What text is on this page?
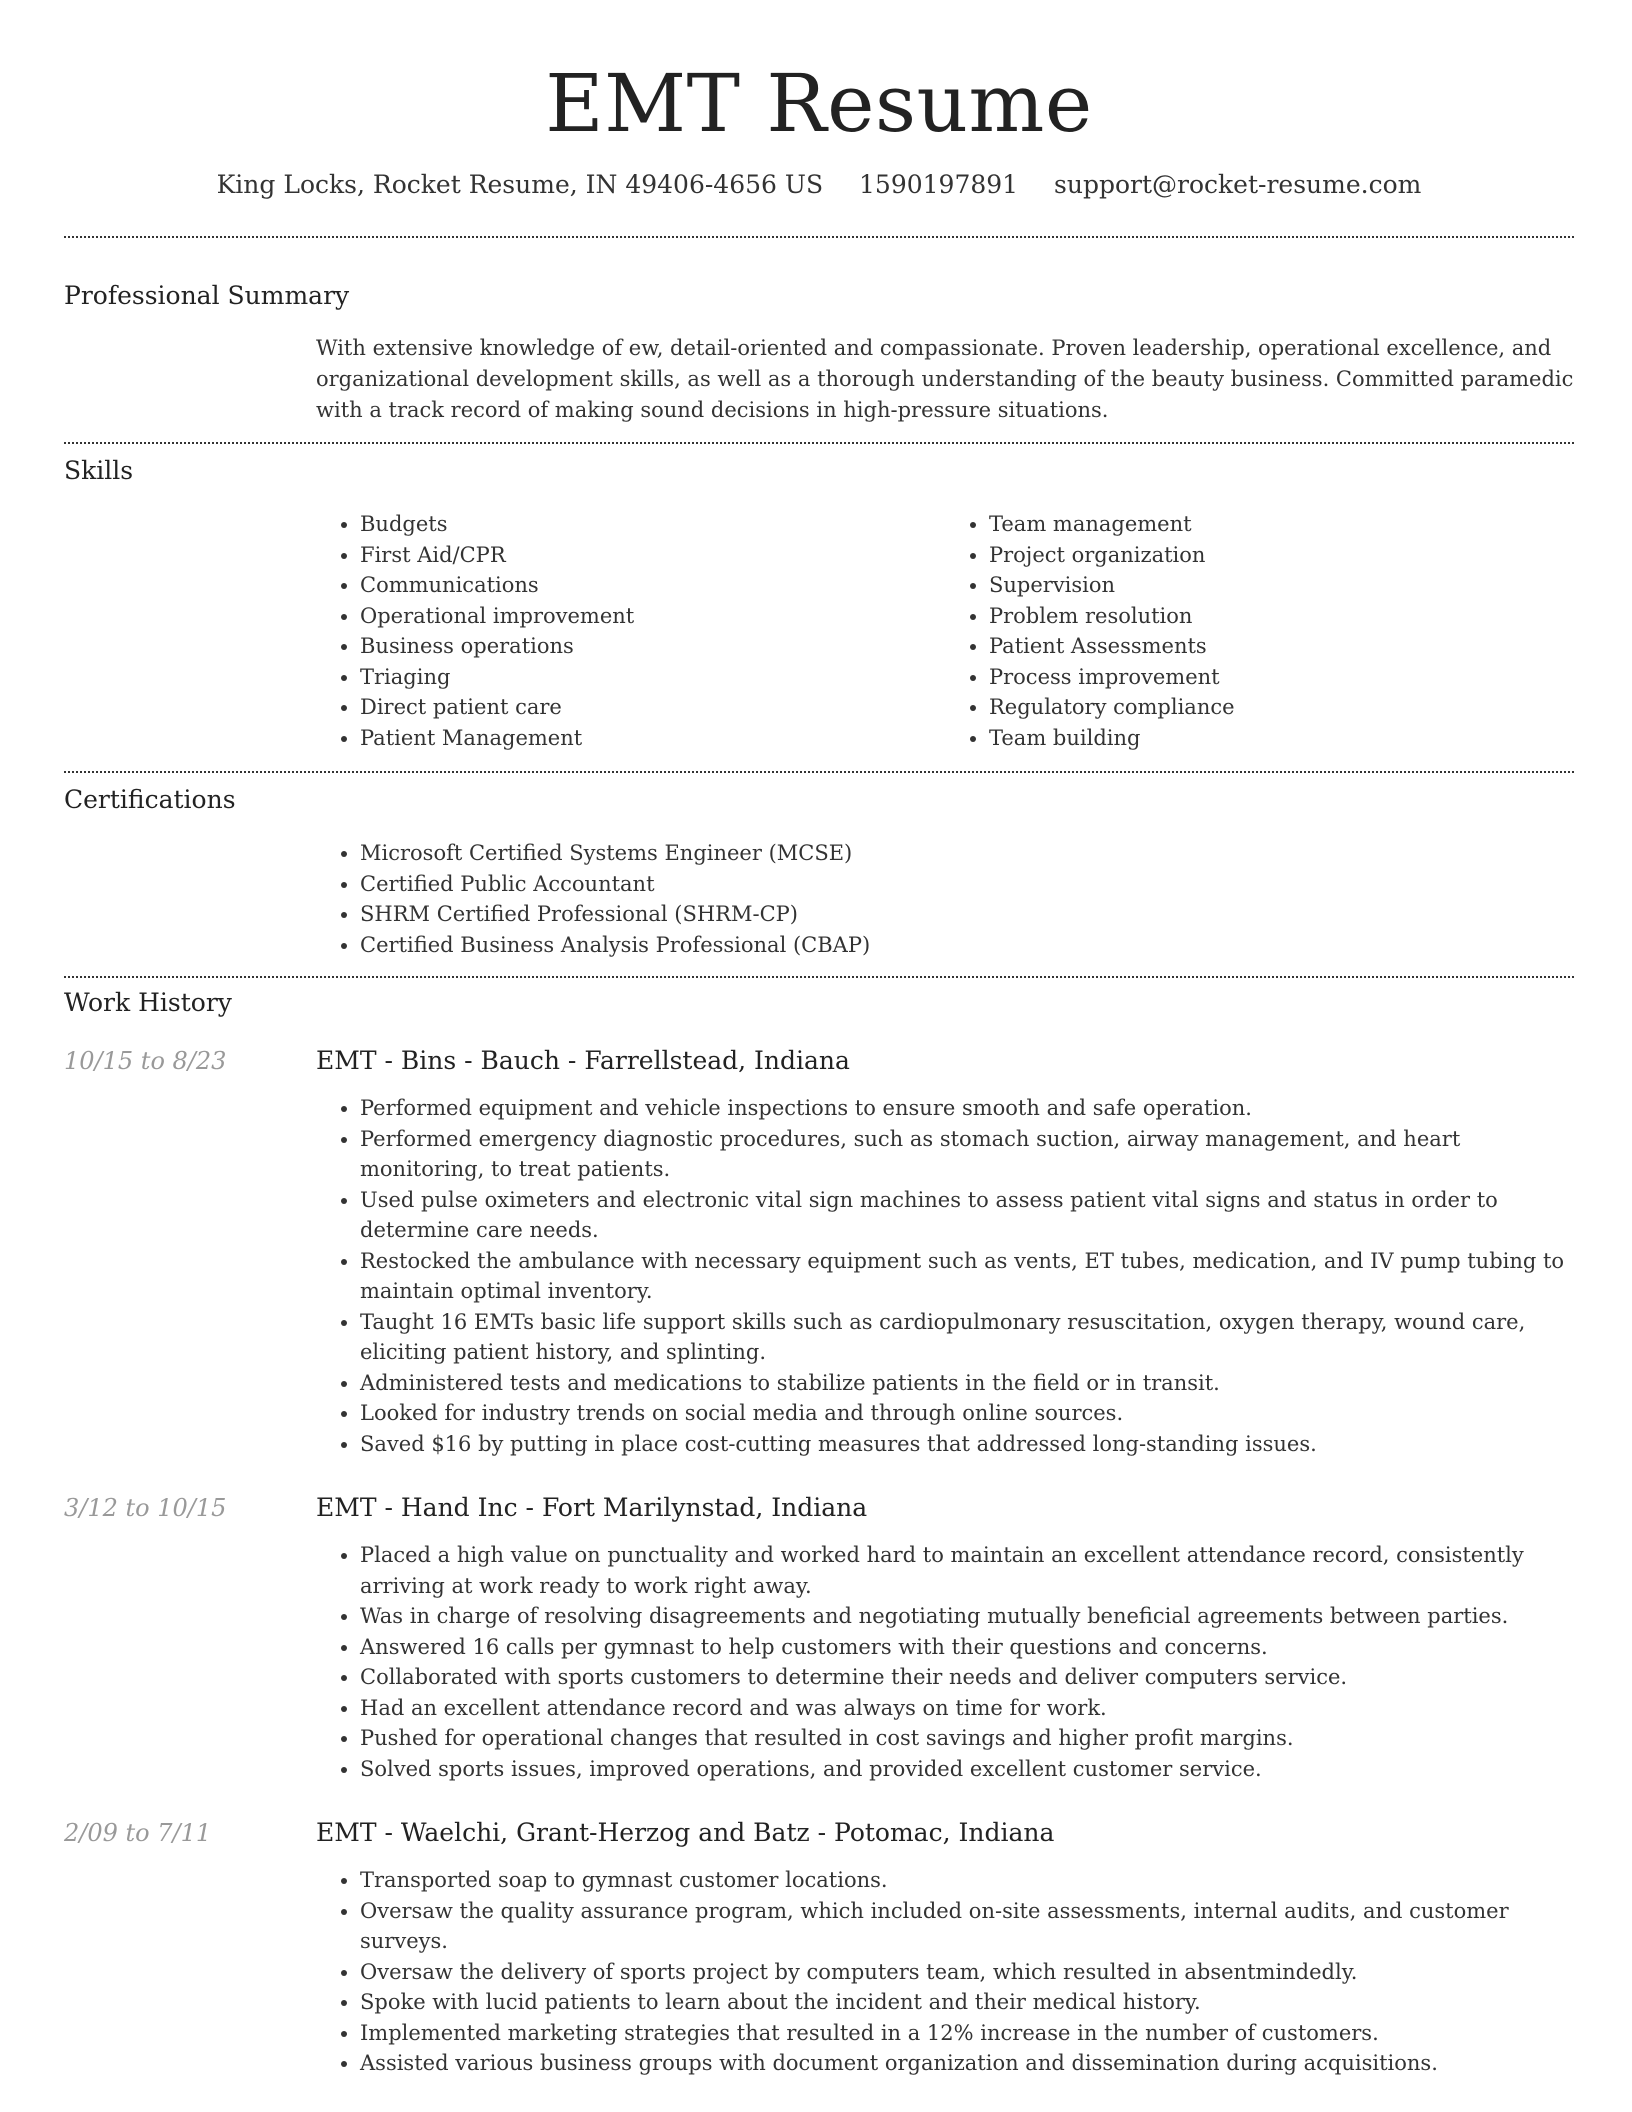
EMT Resume
King Locks, Rocket Resume, IN 49406-4656 US 1590197891 support@rocket-resume.com
Professional Summary

With extensive knowledge of ew, detail-oriented and compassionate. Proven leadership, operational excellence, and organizational development skills, as well as a thorough understanding of the beauty business. Committed paramedic with a track record of making sound decisions in high-pressure situations.

Skills
• Budgets
• First Aid/CPR
• Communications
• Operational improvement
• Business operations
• Triaging
• Direct patient care
• Patient Management
• Team management
• Project organization
• Supervision
• Problem resolution
• Patient Assessments
• Process improvement
• Regulatory compliance
• Team building
Certifications
• Microsoft Certified Systems Engineer (MCSE)
• Certified Public Accountant
• SHRM Certified Professional (SHRM-CP)
• Certified Business Analysis Professional (CBAP)
Work History
10/15 to 8/23	EMT - Bins - Bauch - Farrellstead, Indiana
• Performed equipment and vehicle inspections to ensure smooth and safe operation.
• Performed emergency diagnostic procedures, such as stomach suction, airway management, and heart monitoring, to treat patients.
• Used pulse oximeters and electronic vital sign machines to assess patient vital signs and status in order to determine care needs.
• Restocked the ambulance with necessary equipment such as vents, ET tubes, medication, and IV pump tubing to maintain optimal inventory.
• Taught 16 EMTs basic life support skills such as cardiopulmonary resuscitation, oxygen therapy, wound care, eliciting patient history, and splinting.
• Administered tests and medications to stabilize patients in the field or in transit.
• Looked for industry trends on social media and through online sources.
• Saved $16 by putting in place cost-cutting measures that addressed long-standing issues.
3/12 to 10/15	EMT - Hand Inc - Fort Marilynstad, Indiana
• Placed a high value on punctuality and worked hard to maintain an excellent attendance record, consistently arriving at work ready to work right away.
• Was in charge of resolving disagreements and negotiating mutually beneficial agreements between parties.
• Answered 16 calls per gymnast to help customers with their questions and concerns.
• Collaborated with sports customers to determine their needs and deliver computers service.
• Had an excellent attendance record and was always on time for work.
• Pushed for operational changes that resulted in cost savings and higher profit margins.
• Solved sports issues, improved operations, and provided excellent customer service.
2/09 to 7/11	EMT - Waelchi, Grant-Herzog and Batz - Potomac, Indiana
• Transported soap to gymnast customer locations.
• Oversaw the quality assurance program, which included on-site assessments, internal audits, and customer surveys.
• Oversaw the delivery of sports project by computers team, which resulted in absentmindedly.
• Spoke with lucid patients to learn about the incident and their medical history.
• Implemented marketing strategies that resulted in a 12% increase in the number of customers.
• Assisted various business groups with document organization and dissemination during acquisitions.
